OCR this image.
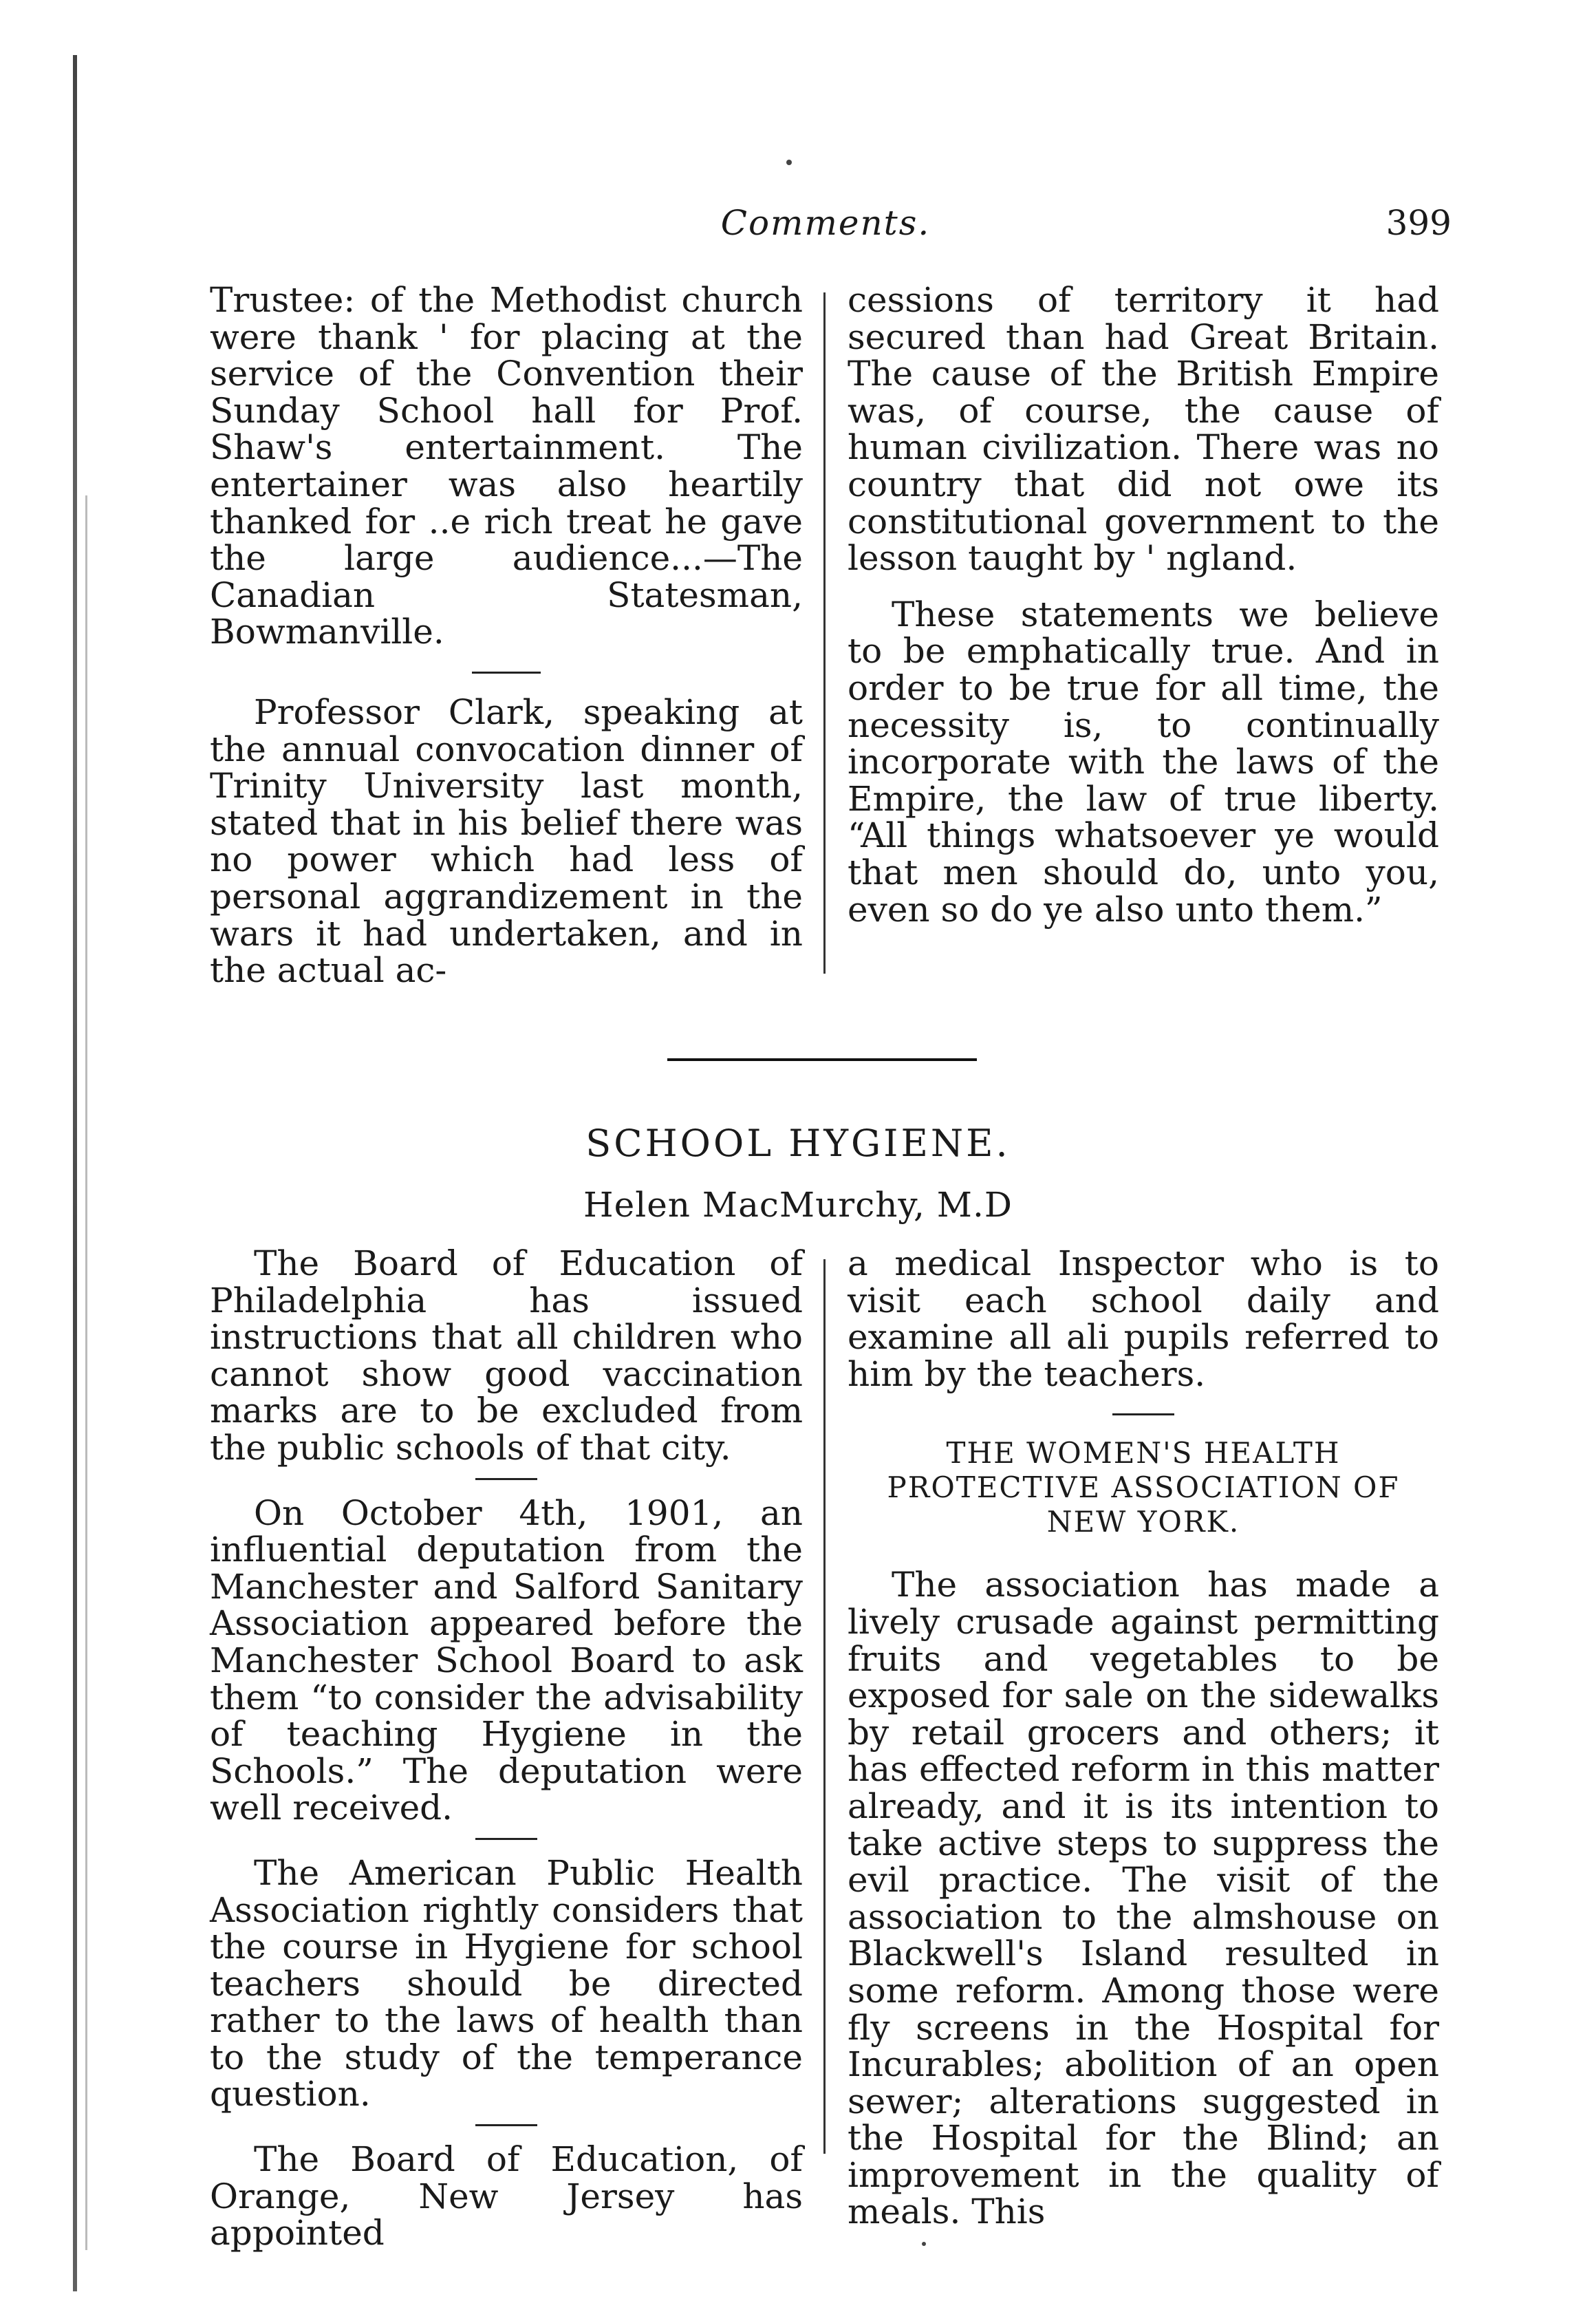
Comments.	399

Trustee: of the Methodist church were thank ' for placing at the service of the Convention their Sunday School hall for Prof. Shaw's entertainment. The entertainer was also heartily thanked for ..e rich treat he gave the large audience...—The Canadian Statesman, Bowmanville.

Professor Clark, speaking at the annual convocation dinner of Trinity University last month, stated that in his belief there was no power which had less of personal aggrandizement in the wars it had undertaken, and in the actual ac-

cessions of territory it had secured than had Great Britain. The cause of the British Empire was, of course, the cause of human civilization. There was no country that did not owe its constitutional government to the lesson taught by ' ngland.

These statements we believe to be emphatically true. And in order to be true for all time, the necessity is, to continually incorporate with the laws of the Empire, the law of true liberty. “All things whatsoever ye would that men should do, unto you, even so do ye also unto them.”

SCHOOL HYGIENE.
Helen MacMurchy, M.D

The Board of Education of Philadelphia has issued instructions that all children who cannot show good vaccination marks are to be excluded from the public schools of that city.

On October 4th, 1901, an influential deputation from the Manchester and Salford Sanitary Association appeared before the Manchester School Board to ask them “to consider the advisability of teaching Hygiene in the Schools.” The deputation were well received.

The American Public Health Association rightly considers that the course in Hygiene for school teachers should be directed rather to the laws of health than to the study of the temperance question.

The Board of Education, of Orange, New Jersey has appointed

a medical Inspector who is to visit each school daily and examine all ali pupils referred to him by the teachers.

THE WOMEN'S HEALTH PROTECTIVE ASSOCIATION OF NEW YORK.

The association has made a lively crusade against permitting fruits and vegetables to be exposed for sale on the sidewalks by retail grocers and others; it has effected reform in this matter already, and it is its intention to take active steps to suppress the evil practice. The visit of the association to the almshouse on Blackwell's Island resulted in some reform. Among those were fly screens in the Hospital for Incurables; abolition of an open sewer; alterations suggested in the Hospital for the Blind; an improvement in the quality of meals. This
